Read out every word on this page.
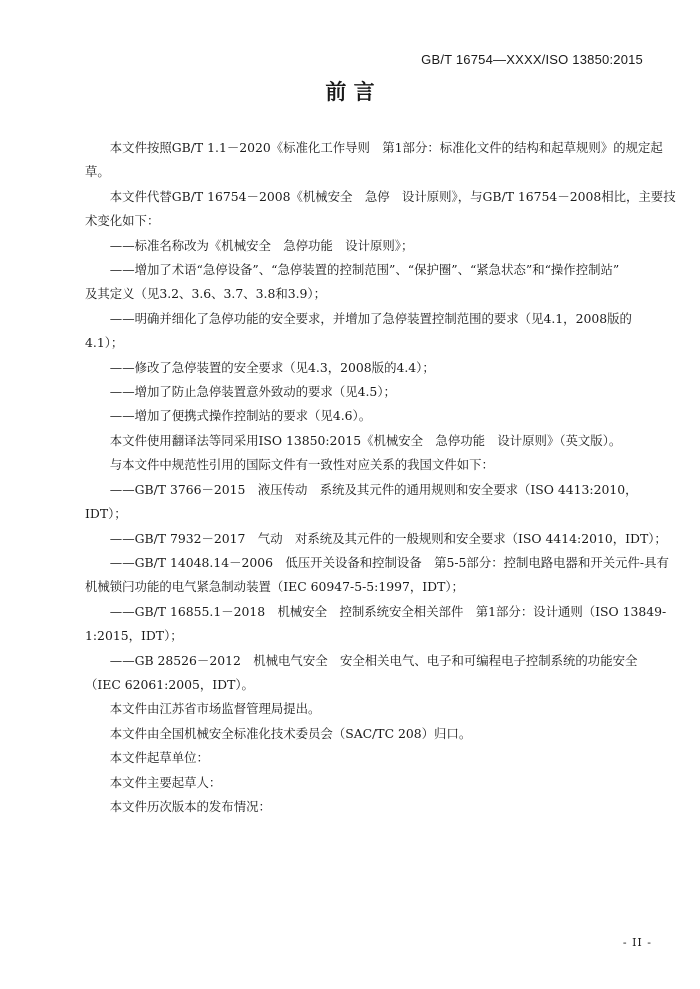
GB/T 16754—XXXX/ISO 13850:2015
前 言

本文件按照GB/T 1.1－2020《标准化工作导则　第1部分：标准化文件的结构和起草规则》的规定起

草。

本文件代替GB/T 16754－2008《机械安全　急停　设计原则》，与GB/T 16754－2008相比，主要技

术变化如下：

——标准名称改为《机械安全　急停功能　设计原则》；

——增加了术语“急停设备”、“急停装置的控制范围”、“保护圈”、“紧急状态”和“操作控制站”

及其定义（见3.2、3.6、3.7、3.8和3.9）；

——明确并细化了急停功能的安全要求，并增加了急停装置控制范围的要求（见4.1，2008版的

4.1）；

——修改了急停装置的安全要求（见4.3，2008版的4.4）；

——增加了防止急停装置意外致动的要求（见4.5）；

——增加了便携式操作控制站的要求（见4.6）。

本文件使用翻译法等同采用ISO 13850:2015《机械安全　急停功能　设计原则》（英文版）。

与本文件中规范性引用的国际文件有一致性对应关系的我国文件如下：

——GB/T 3766－2015　液压传动　系统及其元件的通用规则和安全要求（ISO 4413:2010，

IDT）；

——GB/T 7932－2017　气动　对系统及其元件的一般规则和安全要求（ISO 4414:2010，IDT）；

——GB/T 14048.14－2006　低压开关设备和控制设备　第5-5部分：控制电路电器和开关元件-具有

机械锁闩功能的电气紧急制动装置（IEC 60947-5-5:1997，IDT）；

——GB/T 16855.1－2018　机械安全　控制系统安全相关部件　第1部分：设计通则（ISO 13849-

1:2015，IDT）；

——GB 28526－2012　机械电气安全　安全相关电气、电子和可编程电子控制系统的功能安全

（IEC 62061:2005，IDT）。

本文件由江苏省市场监督管理局提出。

本文件由全国机械安全标准化技术委员会（SAC/TC 208）归口。

本文件起草单位：

本文件主要起草人：

本文件历次版本的发布情况：

- II -
